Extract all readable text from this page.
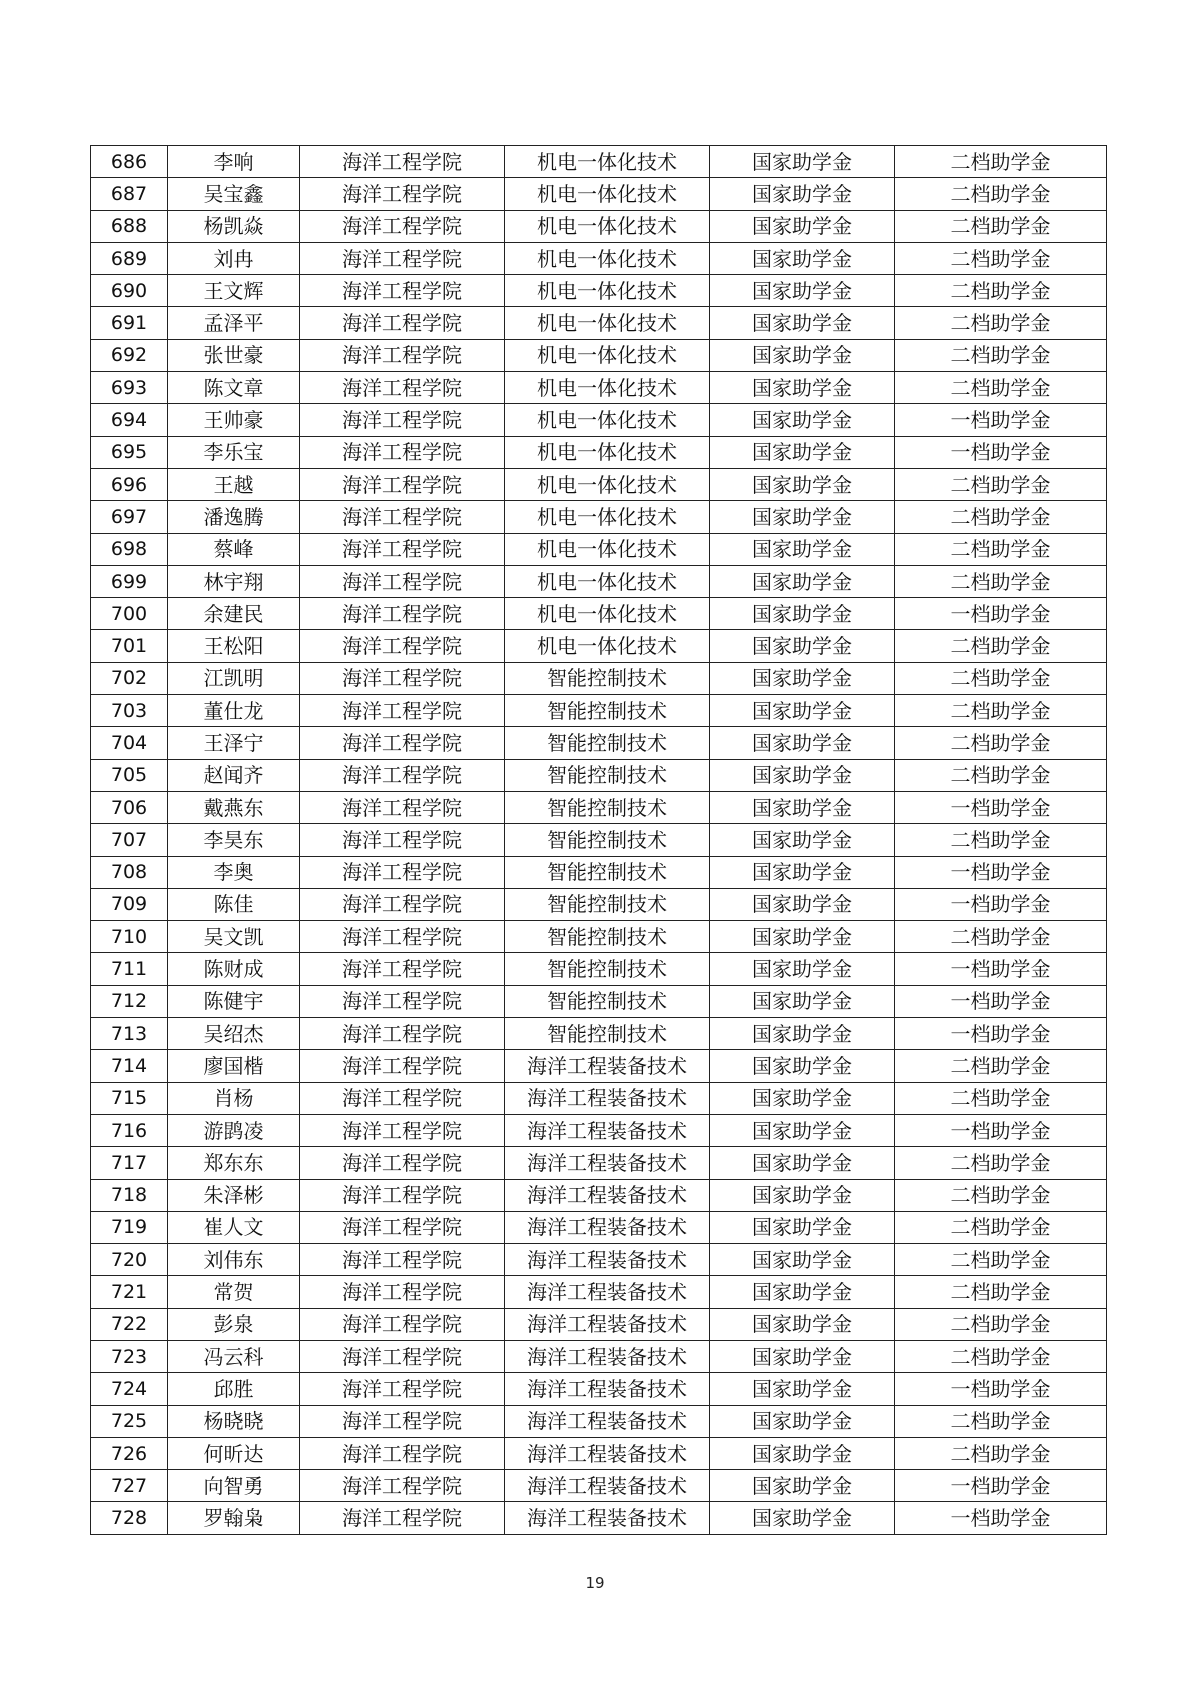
686	李响	海洋工程学院	机电一体化技术	国家助学金	二档助学金
687	吴宝鑫	海洋工程学院	机电一体化技术	国家助学金	二档助学金
688	杨凯焱	海洋工程学院	机电一体化技术	国家助学金	二档助学金
689	刘冉	海洋工程学院	机电一体化技术	国家助学金	二档助学金
690	王文辉	海洋工程学院	机电一体化技术	国家助学金	二档助学金
691	孟泽平	海洋工程学院	机电一体化技术	国家助学金	二档助学金
692	张世豪	海洋工程学院	机电一体化技术	国家助学金	二档助学金
693	陈文章	海洋工程学院	机电一体化技术	国家助学金	二档助学金
694	王帅豪	海洋工程学院	机电一体化技术	国家助学金	一档助学金
695	李乐宝	海洋工程学院	机电一体化技术	国家助学金	一档助学金
696	王越	海洋工程学院	机电一体化技术	国家助学金	二档助学金
697	潘逸腾	海洋工程学院	机电一体化技术	国家助学金	二档助学金
698	蔡峰	海洋工程学院	机电一体化技术	国家助学金	二档助学金
699	林宇翔	海洋工程学院	机电一体化技术	国家助学金	二档助学金
700	余建民	海洋工程学院	机电一体化技术	国家助学金	一档助学金
701	王松阳	海洋工程学院	机电一体化技术	国家助学金	二档助学金
702	江凯明	海洋工程学院	智能控制技术	国家助学金	二档助学金
703	董仕龙	海洋工程学院	智能控制技术	国家助学金	二档助学金
704	王泽宁	海洋工程学院	智能控制技术	国家助学金	二档助学金
705	赵闻齐	海洋工程学院	智能控制技术	国家助学金	二档助学金
706	戴燕东	海洋工程学院	智能控制技术	国家助学金	一档助学金
707	李昊东	海洋工程学院	智能控制技术	国家助学金	二档助学金
708	李奥	海洋工程学院	智能控制技术	国家助学金	一档助学金
709	陈佳	海洋工程学院	智能控制技术	国家助学金	一档助学金
710	吴文凯	海洋工程学院	智能控制技术	国家助学金	二档助学金
711	陈财成	海洋工程学院	智能控制技术	国家助学金	一档助学金
712	陈健宇	海洋工程学院	智能控制技术	国家助学金	一档助学金
713	吴绍杰	海洋工程学院	智能控制技术	国家助学金	一档助学金
714	廖国楷	海洋工程学院	海洋工程装备技术	国家助学金	二档助学金
715	肖杨	海洋工程学院	海洋工程装备技术	国家助学金	二档助学金
716	游鹍凌	海洋工程学院	海洋工程装备技术	国家助学金	一档助学金
717	郑东东	海洋工程学院	海洋工程装备技术	国家助学金	二档助学金
718	朱泽彬	海洋工程学院	海洋工程装备技术	国家助学金	二档助学金
719	崔人文	海洋工程学院	海洋工程装备技术	国家助学金	二档助学金
720	刘伟东	海洋工程学院	海洋工程装备技术	国家助学金	二档助学金
721	常贺	海洋工程学院	海洋工程装备技术	国家助学金	二档助学金
722	彭泉	海洋工程学院	海洋工程装备技术	国家助学金	二档助学金
723	冯云科	海洋工程学院	海洋工程装备技术	国家助学金	二档助学金
724	邱胜	海洋工程学院	海洋工程装备技术	国家助学金	一档助学金
725	杨晓晓	海洋工程学院	海洋工程装备技术	国家助学金	二档助学金
726	何昕达	海洋工程学院	海洋工程装备技术	国家助学金	二档助学金
727	向智勇	海洋工程学院	海洋工程装备技术	国家助学金	一档助学金
728	罗翰枭	海洋工程学院	海洋工程装备技术	国家助学金	一档助学金
19
